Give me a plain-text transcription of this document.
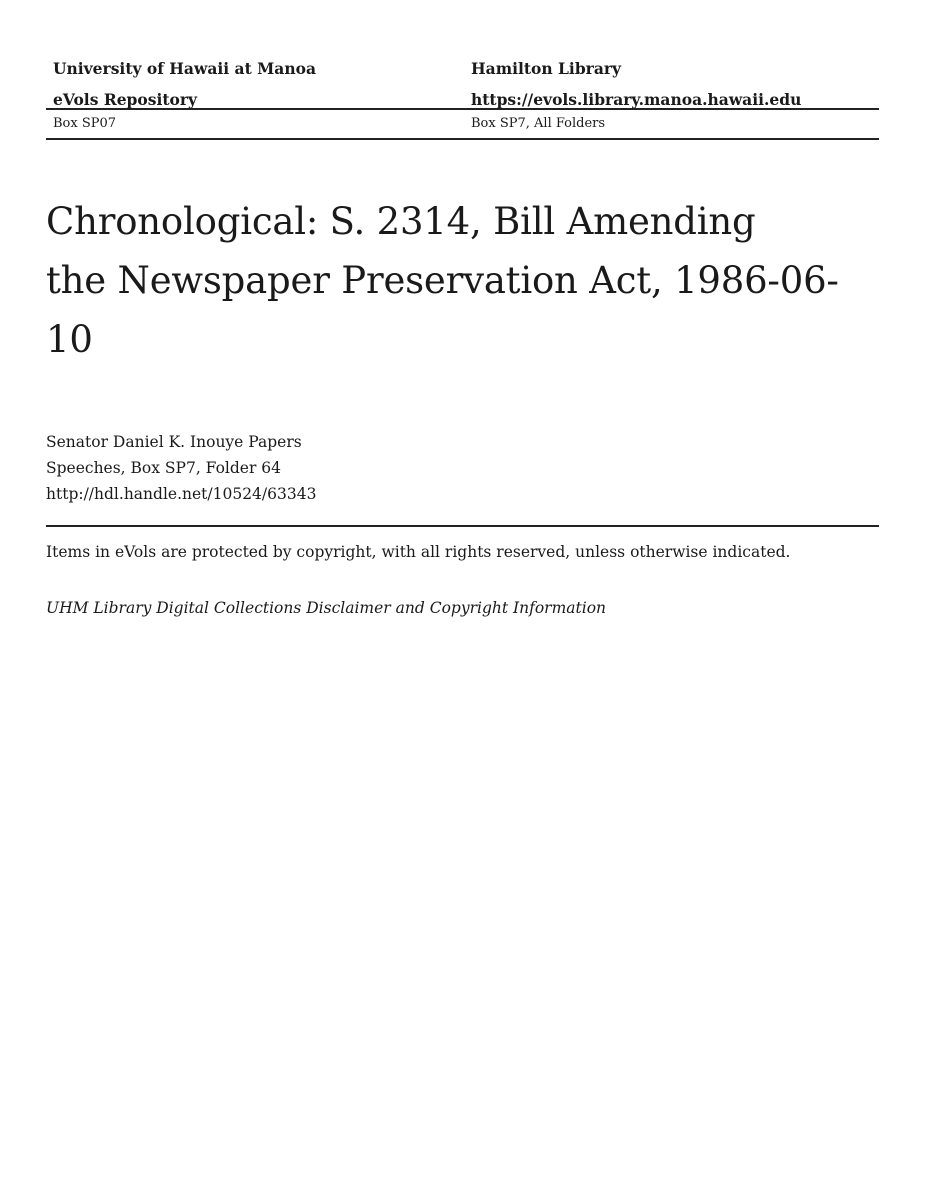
University of Hawaii at Manoa
eVols Repository
Hamilton Library
https://evols.library.manoa.hawaii.edu
Box SP07	Box SP7, All Folders
Chronological: S. 2314, Bill Amending
the Newspaper Preservation Act, 1986-06-10
Senator Daniel K. Inouye Papers
Speeches, Box SP7, Folder 64
http://hdl.handle.net/10524/63343
Items in eVols are protected by copyright, with all rights reserved, unless otherwise indicated.
UHM Library Digital Collections Disclaimer and Copyright Information
